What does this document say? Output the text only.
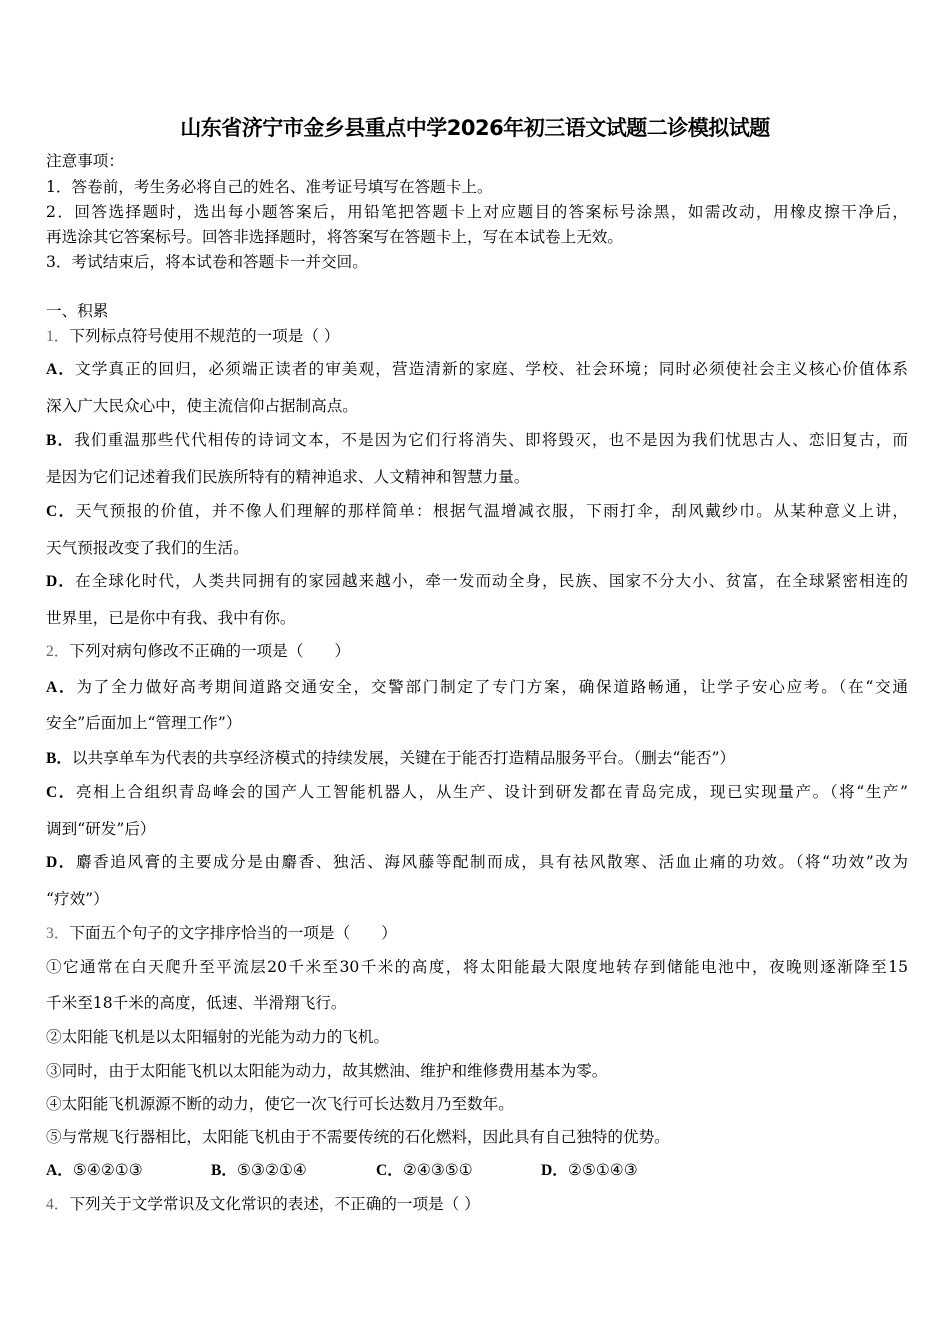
山东省济宁市金乡县重点中学2026年初三语文试题二诊模拟试题
注意事项：
1．答卷前，考生务必将自己的姓名、准考证号填写在答题卡上。
2．回答选择题时，选出每小题答案后，用铅笔把答题卡上对应题目的答案标号涂黑，如需改动，用橡皮擦干净后，
再选涂其它答案标号。回答非选择题时，将答案写在答题卡上，写在本试卷上无效。
3．考试结束后，将本试卷和答题卡一并交回。
一、积累
1．下列标点符号使用不规范的一项是（ ）
A．文学真正的回归，必须端正读者的审美观，营造清新的家庭、学校、社会环境；同时必须使社会主义核心价值体系
深入广大民众心中，使主流信仰占据制高点。
B．我们重温那些代代相传的诗词文本，不是因为它们行将消失、即将毁灭，也不是因为我们忧思古人、恋旧复古，而
是因为它们记述着我们民族所特有的精神追求、人文精神和智慧力量。
C．天气预报的价值，并不像人们理解的那样简单：根据气温增减衣服，下雨打伞，刮风戴纱巾。从某种意义上讲，
天气预报改变了我们的生活。
D．在全球化时代，人类共同拥有的家园越来越小，牵一发而动全身，民族、国家不分大小、贫富，在全球紧密相连的
世界里，已是你中有我、我中有你。
2．下列对病句修改不正确的一项是（　　）
A．为了全力做好高考期间道路交通安全，交警部门制定了专门方案，确保道路畅通，让学子安心应考。（在“交通
安全”后面加上“管理工作”）
B．以共享单车为代表的共享经济模式的持续发展，关键在于能否打造精品服务平台。（删去“能否”）
C．亮相上合组织青岛峰会的国产人工智能机器人，从生产、设计到研发都在青岛完成，现已实现量产。（将“生产”
调到“研发”后）
D．麝香追风膏的主要成分是由麝香、独活、海风藤等配制而成，具有祛风散寒、活血止痛的功效。（将“功效”改为
“疗效”）
3．下面五个句子的文字排序恰当的一项是（　　）
①它通常在白天爬升至平流层20千米至30千米的高度，将太阳能最大限度地转存到储能电池中，夜晚则逐渐降至15
千米至18千米的高度，低速、半滑翔飞行。
②太阳能飞机是以太阳辐射的光能为动力的飞机。
③同时，由于太阳能飞机以太阳能为动力，故其燃油、维护和维修费用基本为零。
④太阳能飞机源源不断的动力，使它一次飞行可长达数月乃至数年。
⑤与常规飞行器相比，太阳能飞机由于不需要传统的石化燃料，因此具有自己独特的优势。
A．⑤④②①③	B．⑤③②①④	C．②④③⑤①	D．②⑤①④③
4．下列关于文学常识及文化常识的表述，不正确的一项是（ ）
